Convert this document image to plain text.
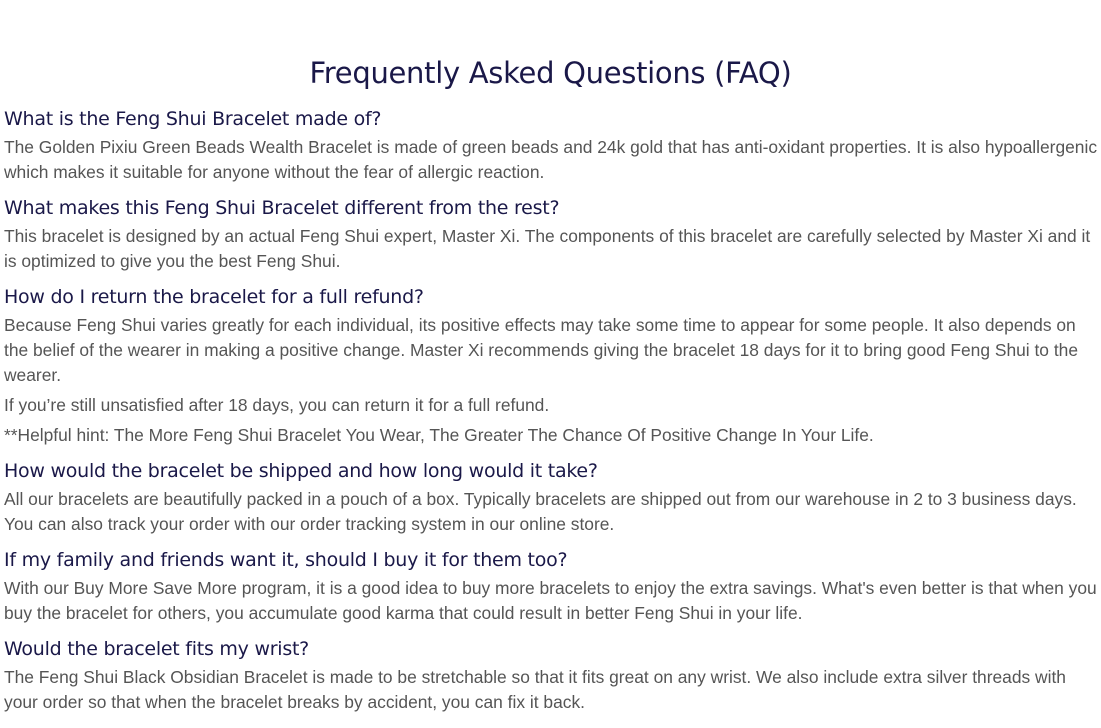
Frequently Asked Questions (FAQ)
What is the Feng Shui Bracelet made of?

The Golden Pixiu Green Beads Wealth Bracelet is made of green beads and 24k gold that has anti-oxidant properties. It is also hypoallergenic which makes it suitable for anyone without the fear of allergic reaction.

What makes this Feng Shui Bracelet different from the rest?

This bracelet is designed by an actual Feng Shui expert, Master Xi. The components of this bracelet are carefully selected by Master Xi and it is optimized to give you the best Feng Shui.

How do I return the bracelet for a full refund?

Because Feng Shui varies greatly for each individual, its positive effects may take some time to appear for some people. It also depends on the belief of the wearer in making a positive change. Master Xi recommends giving the bracelet 18 days for it to bring good Feng Shui to the wearer.

If you’re still unsatisfied after 18 days, you can return it for a full refund.

**Helpful hint: The More Feng Shui Bracelet You Wear, The Greater The Chance Of Positive Change In Your Life.

How would the bracelet be shipped and how long would it take?

All our bracelets are beautifully packed in a pouch of a box. Typically bracelets are shipped out from our warehouse in 2 to 3 business days. You can also track your order with our order tracking system in our online store.

If my family and friends want it, should I buy it for them too?

With our Buy More Save More program, it is a good idea to buy more bracelets to enjoy the extra savings. What's even better is that when you buy the bracelet for others, you accumulate good karma that could result in better Feng Shui in your life.

Would the bracelet fits my wrist?

The Feng Shui Black Obsidian Bracelet is made to be stretchable so that it fits great on any wrist. We also include extra silver threads with your order so that when the bracelet breaks by accident, you can fix it back.
